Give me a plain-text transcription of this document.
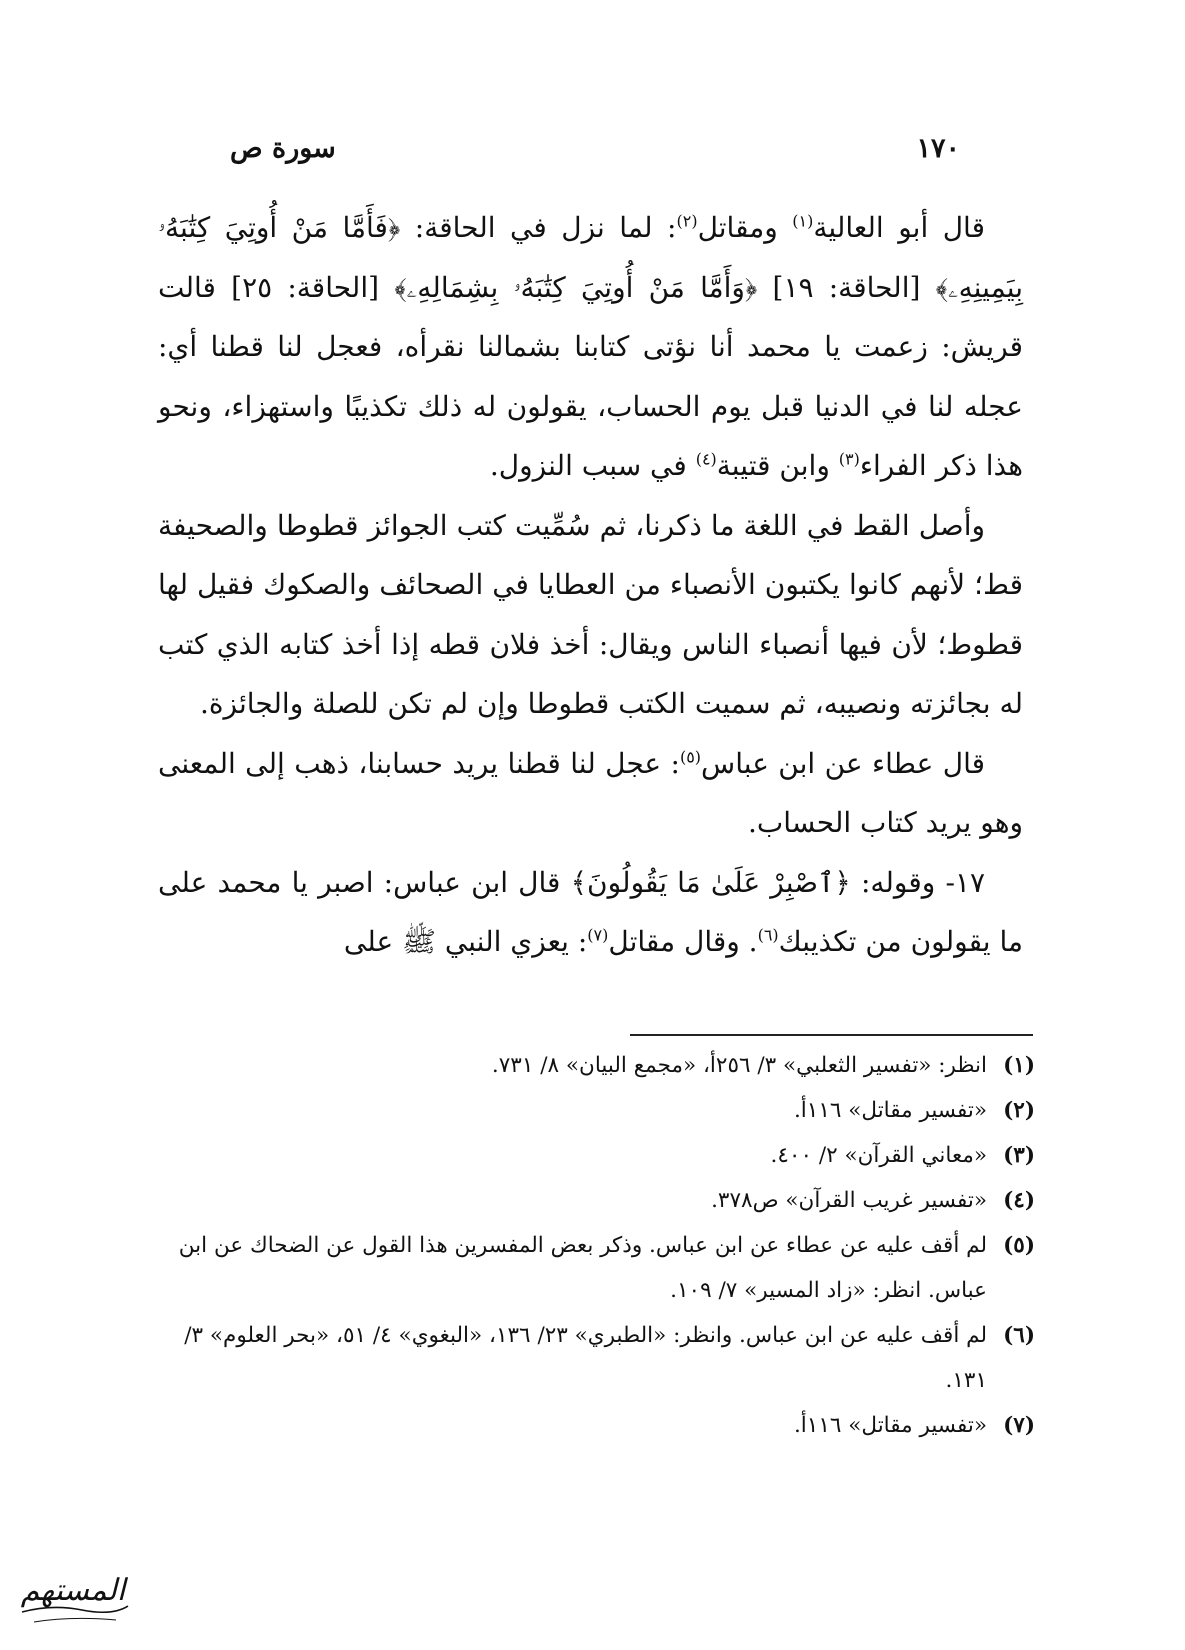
١٧٠
سورة ص

قال أبو العالية$^{(١)}$ ومقاتل$^{(٢)}$: لما نزل في الحاقة: ﴿فَأَمَّا مَنْ أُوتِيَ كِتَٰبَهُۥ بِيَمِينِهِۦ﴾ [الحاقة: ١٩] ﴿وَأَمَّا مَنْ أُوتِيَ كِتَٰبَهُۥ بِشِمَالِهِۦ﴾ [الحاقة: ٢٥] قالت قريش: زعمت يا محمد أنا نؤتى كتابنا بشمالنا نقرأه، فعجل لنا قطنا أي: عجله لنا في الدنيا قبل يوم الحساب، يقولون له ذلك تكذيبًا واستهزاء، ونحو هذا ذكر الفراء$^{(٣)}$ وابن قتيبة$^{(٤)}$ في سبب النزول.

وأصل القط في اللغة ما ذكرنا، ثم سُمِّيت كتب الجوائز قطوطا والصحيفة قط؛ لأنهم كانوا يكتبون الأنصباء من العطايا في الصحائف والصكوك فقيل لها قطوط؛ لأن فيها أنصباء الناس ويقال: أخذ فلان قطه إذا أخذ كتابه الذي كتب له بجائزته ونصيبه، ثم سميت الكتب قطوطا وإن لم تكن للصلة والجائزة.

قال عطاء عن ابن عباس$^{(٥)}$: عجل لنا قطنا يريد حسابنا، ذهب إلى المعنى وهو يريد كتاب الحساب.

١٧- وقوله: ﴿ٱصْبِرْ عَلَىٰ مَا يَقُولُونَ﴾ قال ابن عباس: اصبر يا محمد على ما يقولون من تكذيبك$^{(٦)}$. وقال مقاتل$^{(٧)}$: يعزي النبي ﷺ على

(١)انظر: «تفسير الثعلبي» ٣/ ٢٥٦أ، «مجمع البيان» ٨/ ٧٣١.
(٢)«تفسير مقاتل» ١١٦أ.
(٣)«معاني القرآن» ٢/ ٤٠٠.
(٤)«تفسير غريب القرآن» ص٣٧٨.
(٥)لم أقف عليه عن عطاء عن ابن عباس. وذكر بعض المفسرين هذا القول عن الضحاك عن ابن عباس. انظر: «زاد المسير» ٧/ ١٠٩.
(٦)لم أقف عليه عن ابن عباس. وانظر: «الطبري» ٢٣/ ١٣٦، «البغوي» ٤/ ٥١، «بحر العلوم» ٣/ ١٣١.
(٧)«تفسير مقاتل» ١١٦أ.
المستهم
